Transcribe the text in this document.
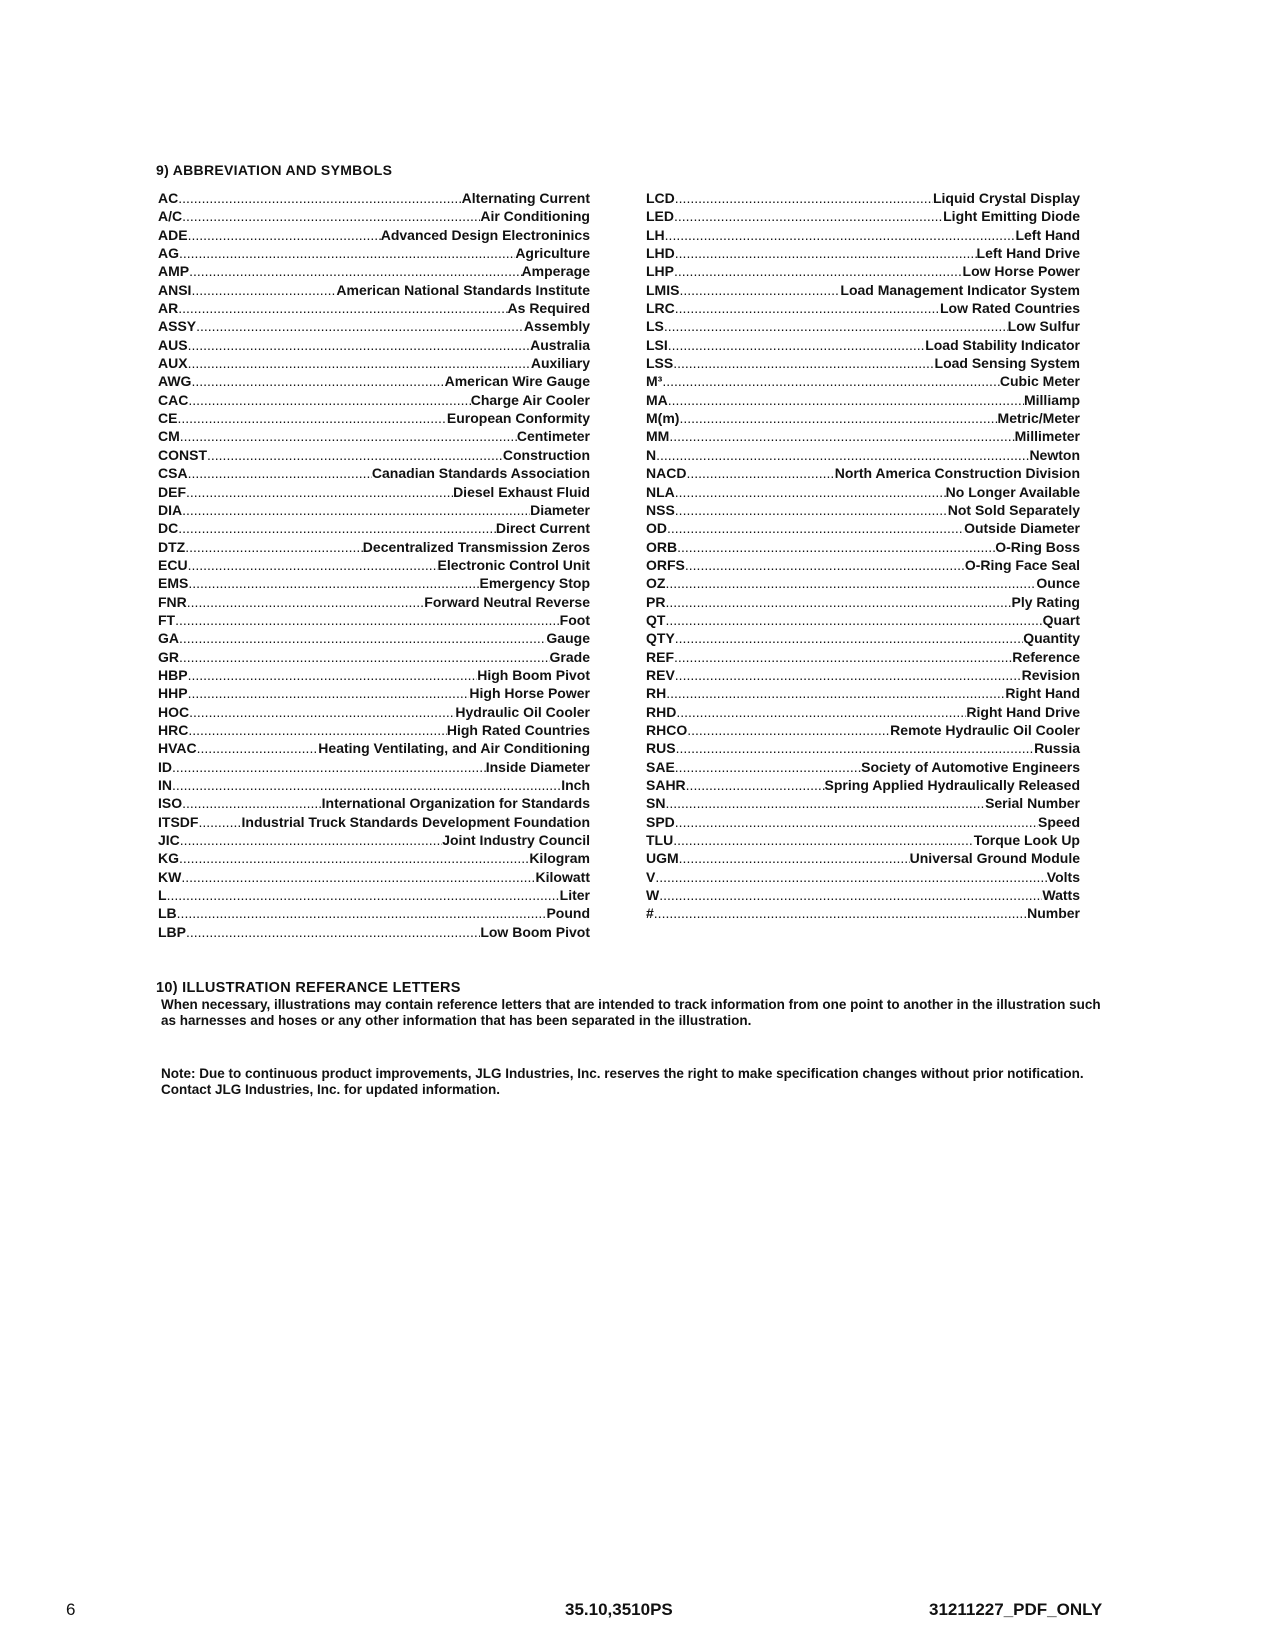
9) ABBREVIATION AND SYMBOLS
AC .....	Alternating Current
A/C .....	Air Conditioning
ADE .....	Advanced Design Electroninics
AG .....	Agriculture
AMP .....	Amperage
ANSI .....	American National Standards Institute
AR .....	As Required
ASSY .....	Assembly
AUS .....	Australia
AUX .....	Auxiliary
AWG .....	American Wire Gauge
CAC .....	Charge Air Cooler
CE .....	European Conformity
CM .....	Centimeter
CONST .....	Construction
CSA .....	Canadian Standards Association
DEF .....	Diesel Exhaust Fluid
DIA .....	Diameter
DC .....	Direct Current
DTZ .....	Decentralized Transmission Zeros
ECU .....	Electronic Control Unit
EMS .....	Emergency Stop
FNR .....	Forward Neutral Reverse
FT .....	Foot
GA .....	Gauge
GR .....	Grade
HBP .....	High Boom Pivot
HHP .....	High Horse Power
HOC .....	Hydraulic Oil Cooler
HRC .....	High Rated Countries
HVAC .....	Heating Ventilating, and Air Conditioning
ID .....	Inside Diameter
IN .....	Inch
ISO .....	International Organization for Standards
ITSDF .....	Industrial Truck Standards Development Foundation
JIC .....	Joint Industry Council
KG .....	Kilogram
KW .....	Kilowatt
L .....	Liter
LB .....	Pound
LBP .....	Low Boom Pivot
LCD .....	Liquid Crystal Display
LED .....	Light Emitting Diode
LH .....	Left Hand
LHD .....	Left Hand Drive
LHP .....	Low Horse Power
LMIS .....	Load Management Indicator System
LRC .....	Low Rated Countries
LS .....	Low Sulfur
LSI .....	Load Stability Indicator
LSS .....	Load Sensing System
M³ .....	Cubic Meter
MA .....	Milliamp
M(m) .....	Metric/Meter
MM .....	Millimeter
N .....	Newton
NACD .....	North America Construction Division
NLA .....	No Longer Available
NSS .....	Not Sold Separately
OD .....	Outside Diameter
ORB .....	O-Ring Boss
ORFS .....	O-Ring Face Seal
OZ .....	Ounce
PR .....	Ply Rating
QT .....	Quart
QTY .....	Quantity
REF .....	Reference
REV .....	Revision
RH .....	Right Hand
RHD .....	Right Hand Drive
RHCO .....	Remote Hydraulic Oil Cooler
RUS .....	Russia
SAE .....	Society of Automotive Engineers
SAHR .....	Spring Applied Hydraulically Released
SN .....	Serial Number
SPD .....	Speed
TLU .....	Torque Look Up
UGM .....	Universal Ground Module
V .....	Volts
W .....	Watts
# .....	Number
10) ILLUSTRATION REFERANCE LETTERS
When necessary, illustrations may contain reference letters that are intended to track information from one point to another in the illustration such as harnesses and hoses or any other information that has been separated in the illustration.
Note: Due to continuous product improvements, JLG Industries, Inc. reserves the right to make specification changes without prior notification. Contact JLG Industries, Inc. for updated information.
6	35.10,3510PS	31211227_PDF_ONLY
